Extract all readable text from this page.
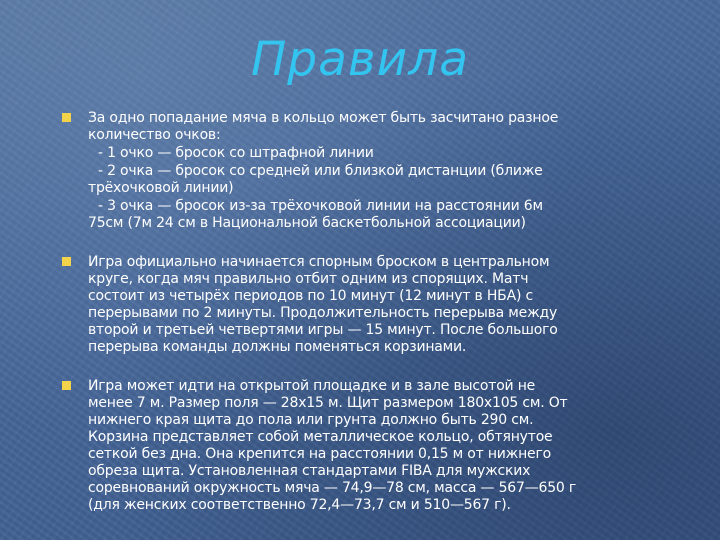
Правила
За одно попадание мяча в кольцо может быть засчитано разное
количество очков:
- 1 очко — бросок со штрафной линии
- 2 очка — бросок со средней или близкой дистанции (ближе
трёхочковой линии)
- 3 очка — бросок из-за трёхочковой линии на расстоянии 6м
75см (7м 24 см в Национальной баскетбольной ассоциации)
Игра официально начинается спорным броском в центральном
круге, когда мяч правильно отбит одним из спорящих. Матч
состоит из четырёх периодов по 10 минут (12 минут в НБА) с
перерывами по 2 минуты. Продолжительность перерыва между
второй и третьей четвертями игры — 15 минут. После большого
перерыва команды должны поменяться корзинами.
Игра может идти на открытой площадке и в зале высотой не
менее 7 м. Размер поля — 28х15 м. Щит размером 180х105 см. От
нижнего края щита до пола или грунта должно быть 290 см.
Корзина представляет собой металлическое кольцо, обтянутое
сеткой без дна. Она крепится на расстоянии 0,15 м от нижнего
обреза щита. Установленная стандартами FIBA для мужских
соревнований окружность мяча — 74,9—78 см, масса — 567—650 г
(для женских соответственно 72,4—73,7 см и 510—567 г).
